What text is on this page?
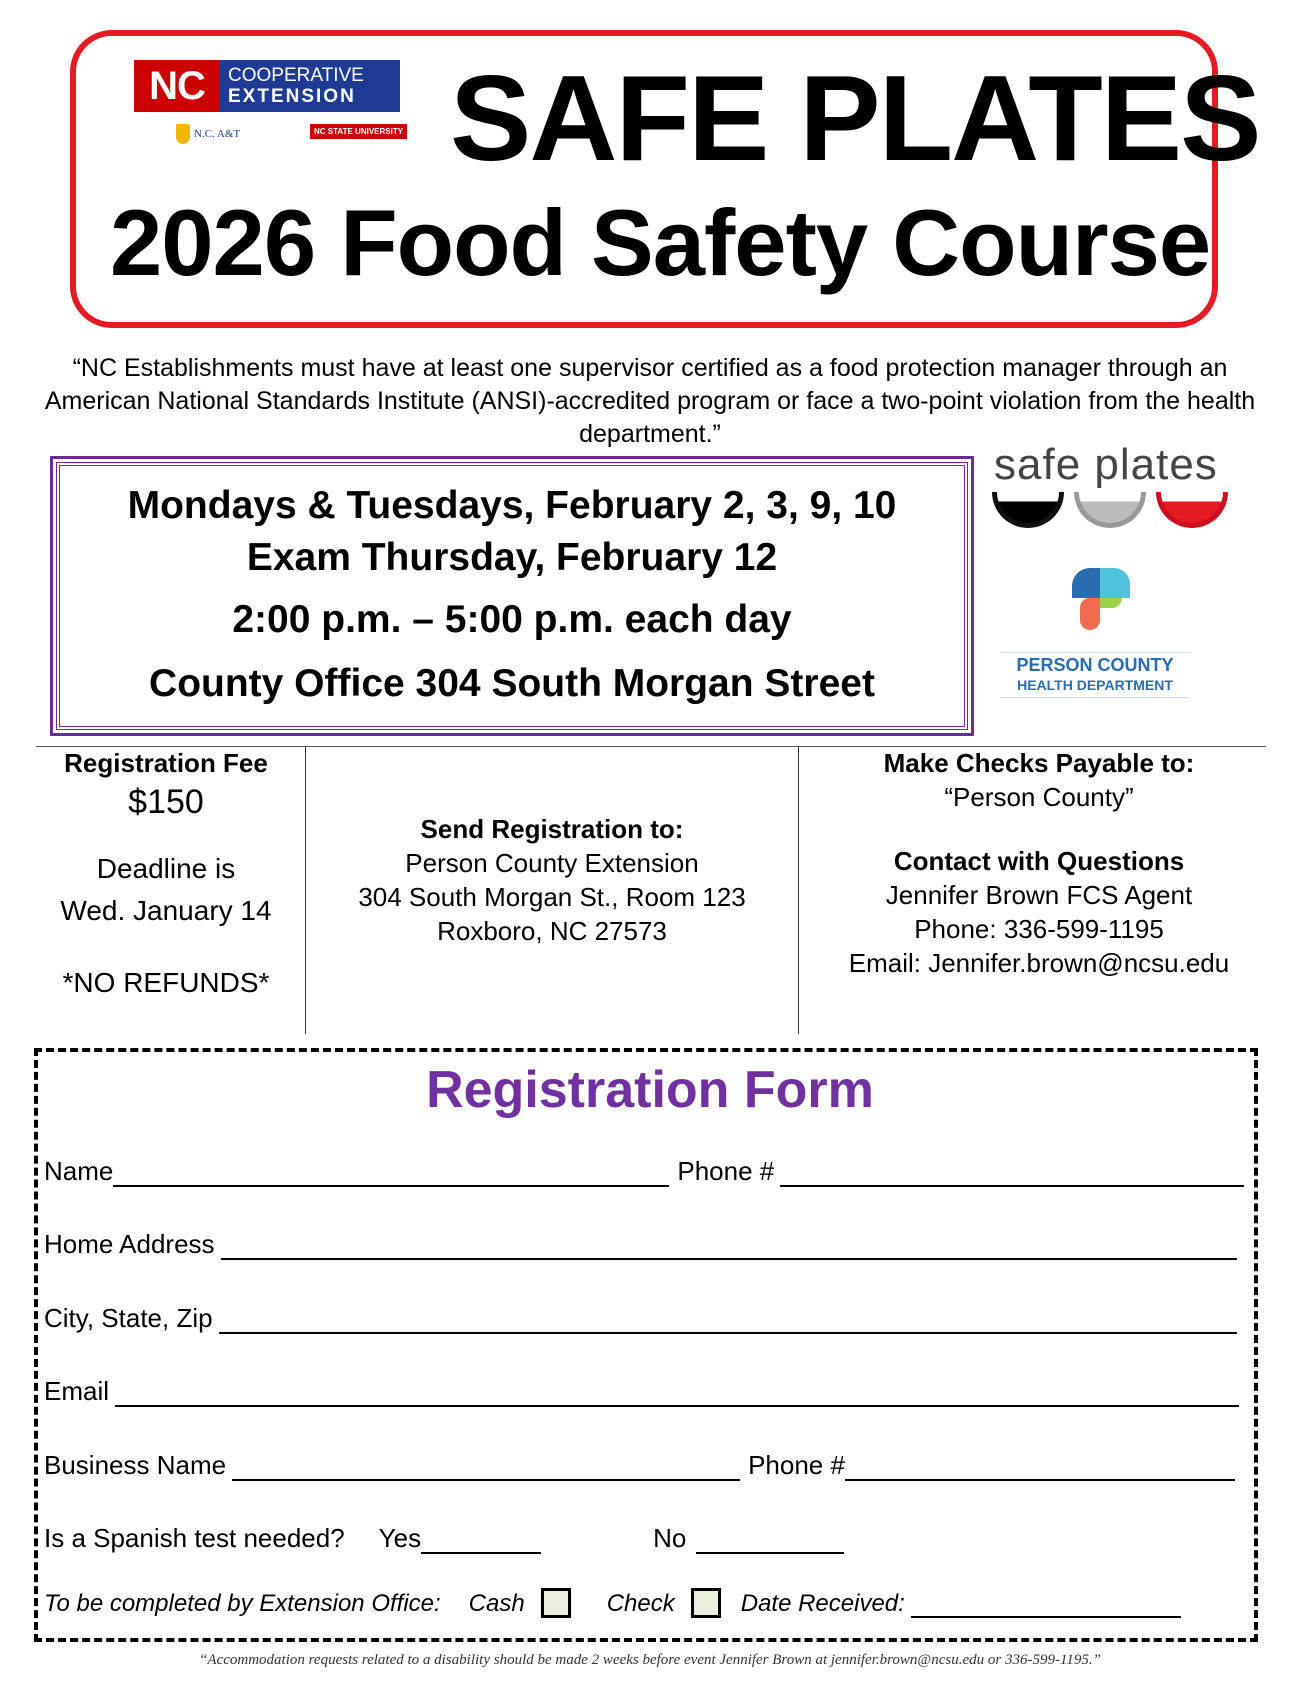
NC	COOPERATIVE
EXTENSION
N.C. A&T	NC STATE UNIVERSITY SAFE PLATES
2026 Food Safety Course
“NC Establishments must have at least one supervisor certified as a food protection manager through an American National Standards Institute (ANSI)-accredited program or face a two-point violation from the health department.”
Mondays & Tuesdays, February 2, 3, 9, 10
Exam Thursday, February 12
2:00 p.m. – 5:00 p.m. each day
County Office 304 South Morgan Street
safe plates
PERSON COUNTY
HEALTH DEPARTMENT
Registration Fee
$150
Deadline is
Wed. January 14
*NO REFUNDS*
Send Registration to:
Person County Extension
304 South Morgan St., Room 123
Roxboro, NC 27573
Make Checks Payable to:
“Person County”
Contact with Questions
Jennifer Brown FCS Agent
Phone: 336-599-1195
Email: Jennifer.brown@ncsu.edu
Registration Form
Name	Phone #
Home Address
City, State, Zip
Email
Business Name	Phone #
Is a Spanish test needed? Yes	No
To be completed by Extension Office: Cash	Check	Date Received:
“Accommodation requests related to a disability should be made 2 weeks before event Jennifer Brown at jennifer.brown@ncsu.edu or 336-599-1195.”
